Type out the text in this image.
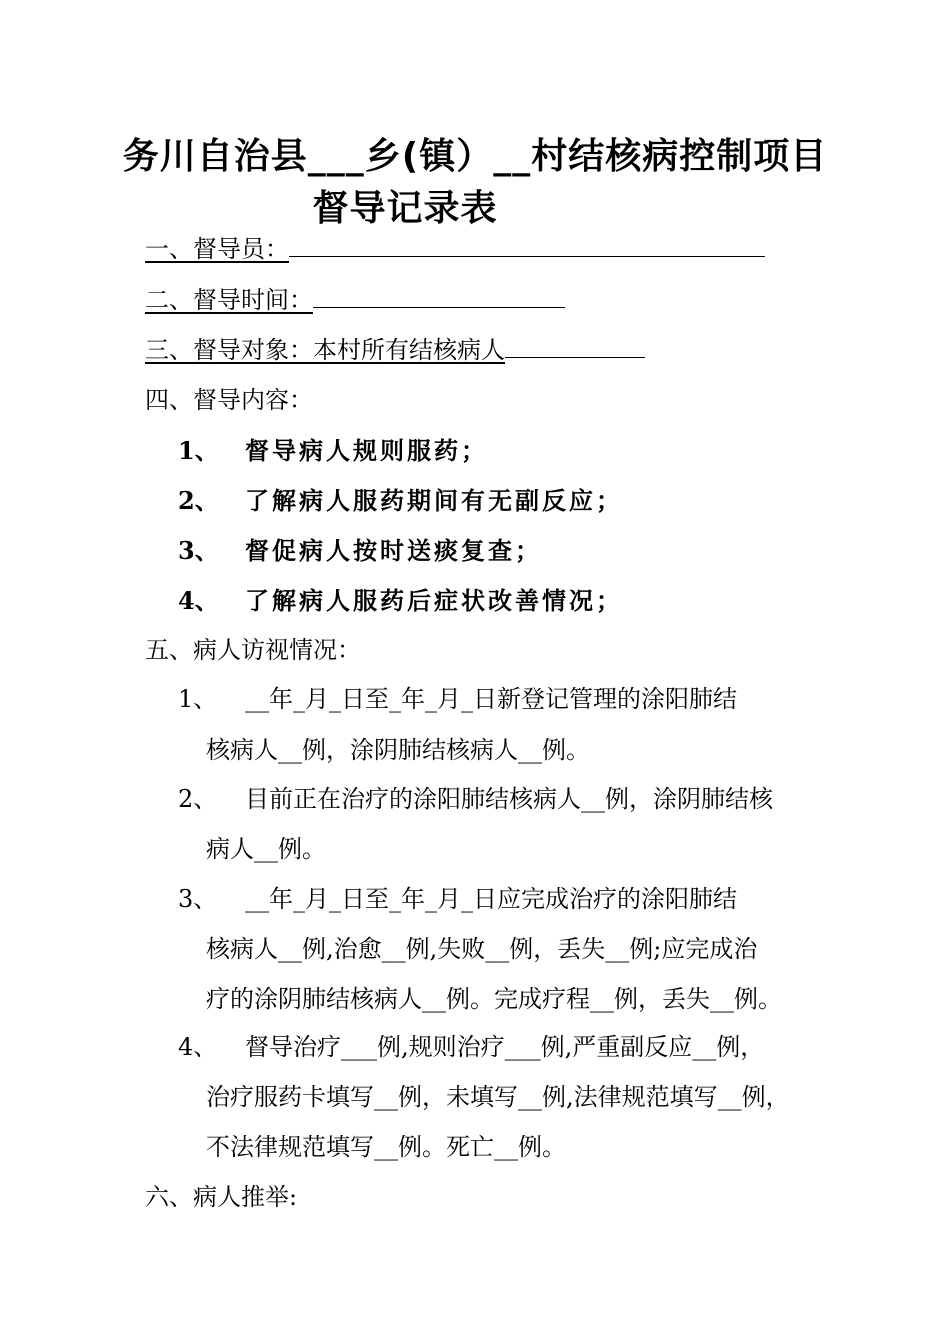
务川自治县___乡(镇）__村结核病控制项目
督导记录表
一、督导员：
二、督导时间：
三、督导对象：本村所有结核病人
四、督导内容：
1、 督导病人规则服药；
2、 了解病人服药期间有无副反应；
3、 督促病人按时送痰复查；
4、 了解病人服药后症状改善情况；
五、病人访视情况：
1、 __年_月_日至_年_月_日新登记管理的涂阳肺结
核病人__例，涂阴肺结核病人__例。
2、 目前正在治疗的涂阳肺结核病人__例，涂阴肺结核
病人__例。
3、 __年_月_日至_年_月_日应完成治疗的涂阳肺结
核病人__例,治愈__例,失败__例，丢失__例;应完成治
疗的涂阴肺结核病人__例。完成疗程__例，丢失__例。
4、 督导治疗___例,规则治疗___例,严重副反应__例，
治疗服药卡填写__例，未填写__例,法律规范填写__例，
不法律规范填写__例。死亡__例。
六、病人推举:
